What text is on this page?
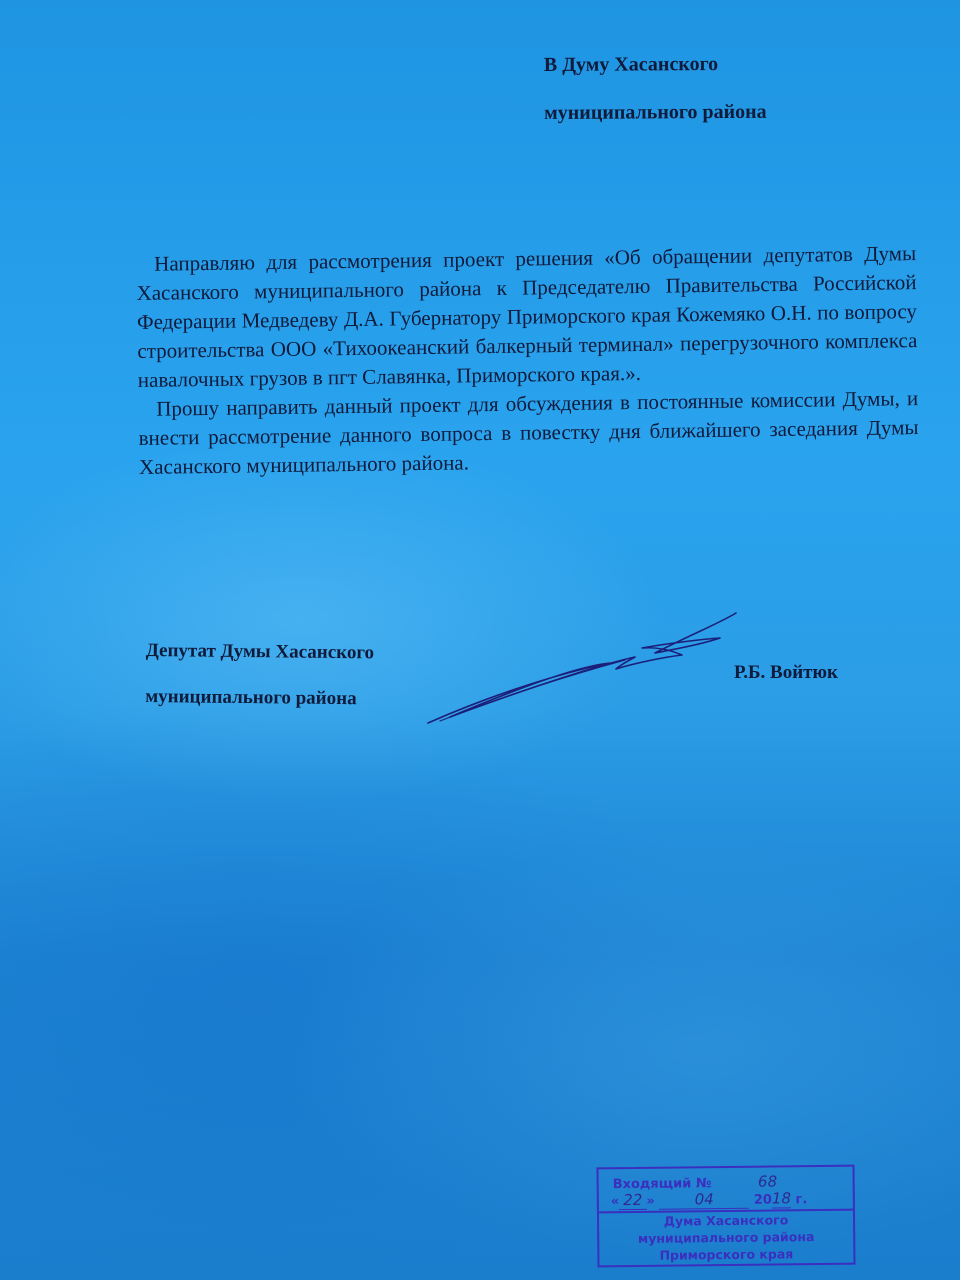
В Думу Хасанского
муниципального района

Направляю для рассмотрения проект решения «Об обращении депутатов Думы Хасанского муниципального района к Председателю Правительства Российской Федерации Медведеву Д.А. Губернатору Приморского края Кожемяко О.Н. по вопросу строительства ООО «Тихоокеанский балкерный терминал» перегрузочного комплекса навалочных грузов в пгт Славянка, Приморского края.».

Прошу направить данный проект для обсуждения в постоянные комиссии Думы, и внести рассмотрение данного вопроса в повестку дня ближайшего заседания Думы Хасанского муниципального района.

Депутат Думы Хасанского
муниципального района
Р.Б. Войтюк
Входящий №	68
« 22 »	04	2018 г.
Дума Хасанского
муниципального района
Приморского края
